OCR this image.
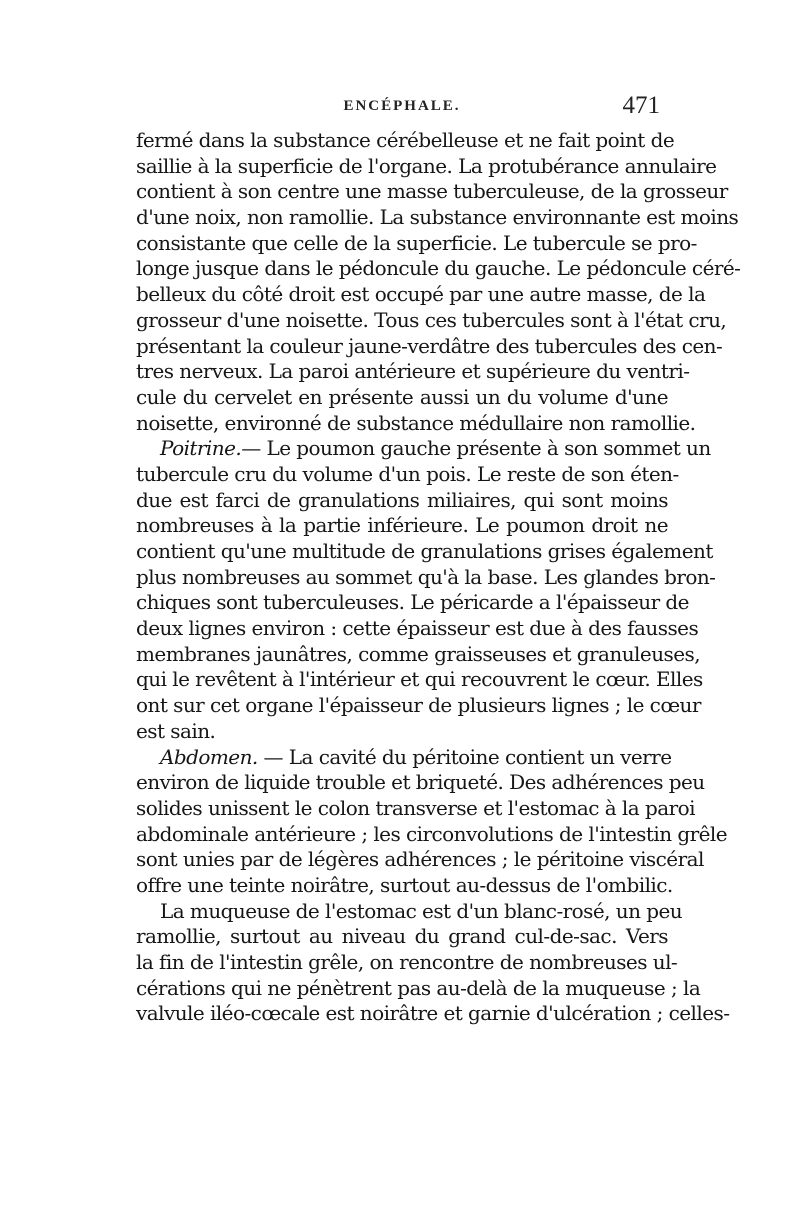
ENCÉPHALE.	471
fermé dans la substance cérébelleuse et ne fait point de
saillie à la superficie de l'organe. La protubérance annulaire
contient à son centre une masse tuberculeuse, de la grosseur
d'une noix, non ramollie. La substance environnante est moins
consistante que celle de la superficie. Le tubercule se pro-
longe jusque dans le pédoncule du gauche. Le pédoncule céré-
belleux du côté droit est occupé par une autre masse, de la
grosseur d'une noisette. Tous ces tubercules sont à l'état cru,
présentant la couleur jaune-verdâtre des tubercules des cen-
tres nerveux. La paroi antérieure et supérieure du ventri-
cule du cervelet en présente aussi un du volume d'une
noisette, environné de substance médullaire non ramollie.
Poitrine.— Le poumon gauche présente à son sommet un
tubercule cru du volume d'un pois. Le reste de son éten-
due est farci de granulations miliaires, qui sont moins
nombreuses à la partie inférieure. Le poumon droit ne
contient qu'une multitude de granulations grises également
plus nombreuses au sommet qu'à la base. Les glandes bron-
chiques sont tuberculeuses. Le péricarde a l'épaisseur de
deux lignes environ : cette épaisseur est due à des fausses
membranes jaunâtres, comme graisseuses et granuleuses,
qui le revêtent à l'intérieur et qui recouvrent le cœur. Elles
ont sur cet organe l'épaisseur de plusieurs lignes ; le cœur
est sain.
Abdomen. — La cavité du péritoine contient un verre
environ de liquide trouble et briqueté. Des adhérences peu
solides unissent le colon transverse et l'estomac à la paroi
abdominale antérieure ; les circonvolutions de l'intestin grêle
sont unies par de légères adhérences ; le péritoine viscéral
offre une teinte noirâtre, surtout au-dessus de l'ombilic.
La muqueuse de l'estomac est d'un blanc-rosé, un peu
ramollie, surtout au niveau du grand cul-de-sac. Vers
la fin de l'intestin grêle, on rencontre de nombreuses ul-
cérations qui ne pénètrent pas au-delà de la muqueuse ; la
valvule iléo-cœcale est noirâtre et garnie d'ulcération ; celles-
